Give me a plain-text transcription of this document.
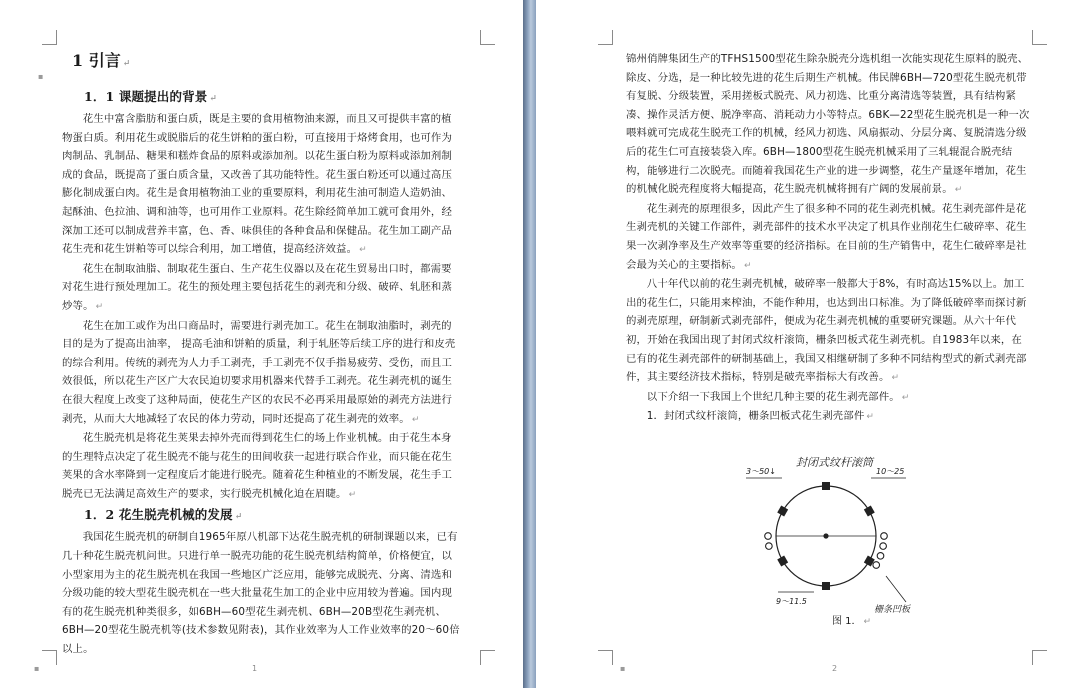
1 引言 ↵
▪

1．1 课题提出的背景 ↵

花生中富含脂肪和蛋白质，既是主要的食用植物油来源，而且又可提供丰富的植物蛋白质。利用花生或脱脂后的花生饼粕的蛋白粉，可直接用于烙烤食用，也可作为肉制品、乳制品、糖果和糕炸食品的原料或添加剂。以花生蛋白粉为原料或添加剂制成的食品，既提高了蛋白质含量，又改善了其功能特性。花生蛋白粉还可以通过高压膨化制成蛋白肉。花生是食用植物油工业的重要原料，利用花生油可制造人造奶油、起酥油、色拉油、调和油等，也可用作工业原料。花生除经简单加工就可食用外，经深加工还可以制成营养丰富，色、香、味俱佳的各种食品和保健品。花生加工副产品花生壳和花生饼粕等可以综合利用，加工增值，提高经济效益。 ↵

花生在制取油脂、制取花生蛋白、生产花生仪器以及在花生贸易出口时，都需要对花生进行预处理加工。花生的预处理主要包括花生的剥壳和分级、破碎、轧胚和蒸炒等。 ↵

花生在加工或作为出口商品时，需要进行剥壳加工。花生在制取油脂时，剥壳的目的是为了提高出油率， 提高毛油和饼粕的质量，利于轧胚等后续工序的进行和皮壳的综合利用。传统的剥壳为人力手工剥壳，手工剥壳不仅手指易疲劳、受伤，而且工效很低，所以花生产区广大农民迫切要求用机器来代替手工剥壳。花生剥壳机的诞生在很大程度上改变了这种局面，使花生产区的农民不必再采用最原始的剥壳方法进行剥壳，从而大大地减轻了农民的体力劳动，同时还提高了花生剥壳的效率。 ↵

花生脱壳机是将花生荚果去掉外壳而得到花生仁的场上作业机械。由于花生本身的生理特点决定了花生脱壳不能与花生的田间收获一起进行联合作业，而只能在花生荚果的含水率降到一定程度后才能进行脱壳。随着花生种植业的不断发展，花生手工脱壳已无法满足高效生产的要求，实行脱壳机械化迫在眉睫。 ↵

1．2 花生脱壳机械的发展 ↵

我国花生脱壳机的研制自1965年原八机部下达花生脱壳机的研制课题以来，已有几十种花生脱壳机问世。只进行单一脱壳功能的花生脱壳机结构简单，价格便宜，以小型家用为主的花生脱壳机在我国一些地区广泛应用，能够完成脱壳、分离、清选和分级功能的较大型花生脱壳机在一些大批量花生加工的企业中应用较为普遍。国内现有的花生脱壳机种类很多，如6BH—60型花生剥壳机、6BH—20B型花生剥壳机、6BH—20型花生脱壳机等(技术参数见附表)，其作业效率为人工作业效率的20～60倍以上。

1
▪

锦州俏牌集团生产的TFHS1500型花生除杂脱壳分选机组一次能实现花生原料的脱壳、除皮、分选，是一种比较先进的花生后期生产机械。伟民牌6BH—720型花生脱壳机带有复脱、分级装置，采用搓板式脱壳、风力初选、比重分离清选等装置，具有结构紧凑、操作灵活方便、脱净率高、消耗动力小等特点。6BK—22型花生脱壳机是一种一次喂料就可完成花生脱壳工作的机械，经风力初选、风扇振动、分层分离、复脱清选分级后的花生仁可直接装袋入库。6BH—1800型花生脱壳机械采用了三轧辊混合脱壳结构，能够进行二次脱壳。而随着我国花生产业的进一步调整，花生产量逐年增加，花生的机械化脱壳程度将大幅提高，花生脱壳机械将拥有广阔的发展前景。 ↵

花生剥壳的原理很多，因此产生了很多种不同的花生剥壳机械。花生剥壳部件是花生剥壳机的关键工作部件，剥壳部件的技术水平决定了机具作业削花生仁破碎率、花生果一次剥净率及生产效率等重要的经济指标。在目前的生产销售中，花生仁破碎率是社会最为关心的主要指标。 ↵

八十年代以前的花生剥壳机械，破碎率一般都大于8%，有时高达15%以上。加工出的花生仁，只能用来榨油，不能作种用，也达到出口标准。为了降低破碎率而探讨新的剥壳原理，研制新式剥壳部件，便成为花生剥壳机械的重要研究课题。从六十年代初，开始在我国出现了封闭式纹杆滚筒，栅条凹板式花生剥壳机。自1983年以来，在已有的花生剥壳部件的研制基础上，我国又相继研制了多种不同结构型式的新式剥壳部件，其主要经济技术指标，特别是破壳率指标大有改善。 ↵

以下介绍一下我国上个世纪几种主要的花生剥壳部件。 ↵

1．封闭式纹杆滚筒，栅条凹板式花生剥壳部件 ↵

封闭式纹杆滚筒
3～50↓	10～25
9～11.5
栅条凹板
图 1． ↵
2
▪
